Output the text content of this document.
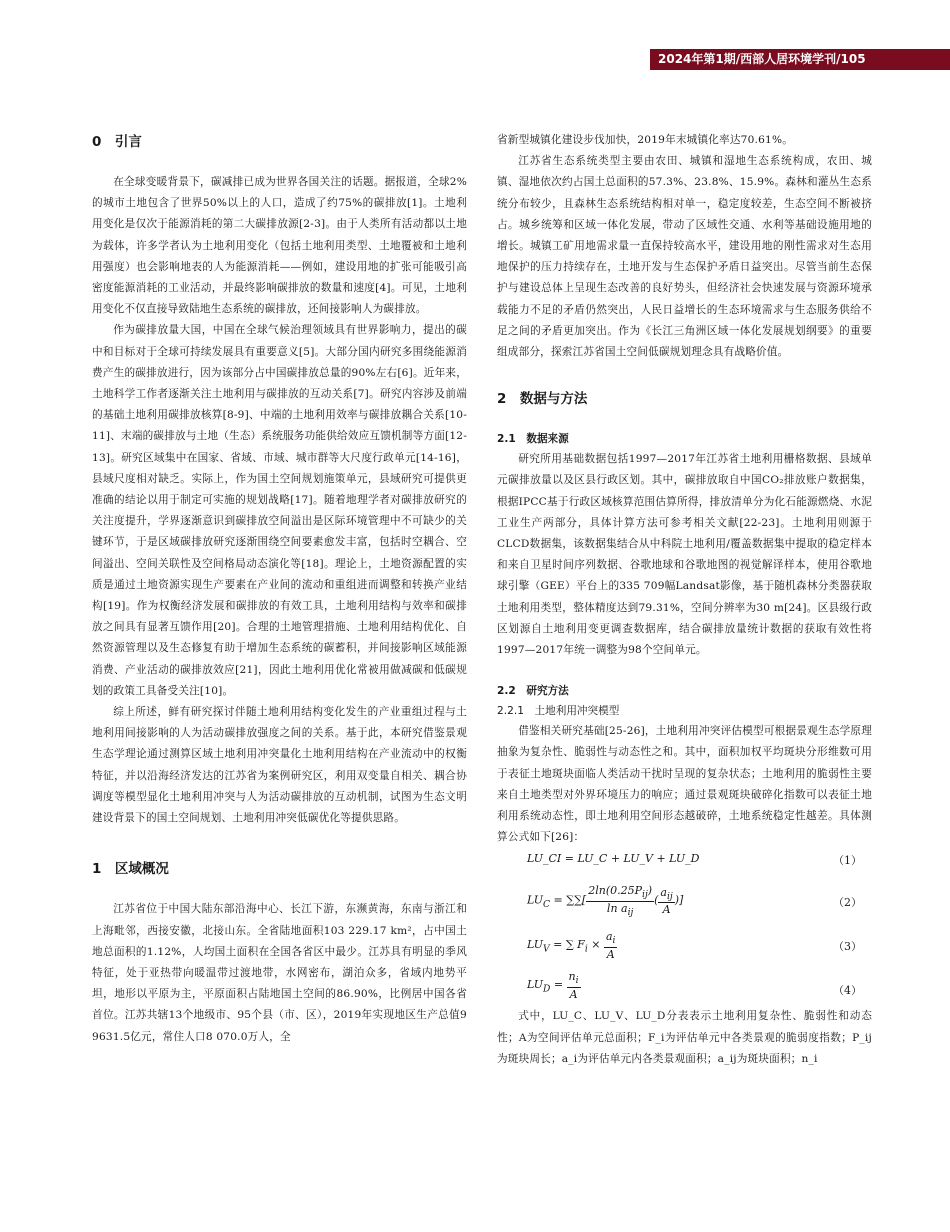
2024年第1期/西部人居环境学刊/105
0　引言

在全球变暖背景下，碳减排已成为世界各国关注的话题。据报道，全球2%的城市土地包含了世界50%以上的人口，造成了约75%的碳排放[1]。土地利用变化是仅次于能源消耗的第二大碳排放源[2-3]。由于人类所有活动都以土地为载体，许多学者认为土地利用变化（包括土地利用类型、土地覆被和土地利用强度）也会影响地表的人为能源消耗——例如，建设用地的扩张可能吸引高密度能源消耗的工业活动，并最终影响碳排放的数量和速度[4]。可见，土地利用变化不仅直接导致陆地生态系统的碳排放，还间接影响人为碳排放。

作为碳排放量大国，中国在全球气候治理领域具有世界影响力，提出的碳中和目标对于全球可持续发展具有重要意义[5]。大部分国内研究多围绕能源消费产生的碳排放进行，因为该部分占中国碳排放总量的90%左右[6]。近年来，土地科学工作者逐渐关注土地利用与碳排放的互动关系[7]。研究内容涉及前端的基础土地利用碳排放核算[8-9]、中端的土地利用效率与碳排放耦合关系[10-11]、末端的碳排放与土地（生态）系统服务功能供给效应互馈机制等方面[12-13]。研究区域集中在国家、省域、市域、城市群等大尺度行政单元[14-16]，县域尺度相对缺乏。实际上，作为国土空间规划施策单元，县域研究可提供更准确的结论以用于制定可实施的规划战略[17]。随着地理学者对碳排放研究的关注度提升，学界逐渐意识到碳排放空间溢出是区际环境管理中不可缺少的关键环节，于是区域碳排放研究逐渐围绕空间要素愈发丰富，包括时空耦合、空间溢出、空间关联性及空间格局动态演化等[18]。理论上，土地资源配置的实质是通过土地资源实现生产要素在产业间的流动和重组进而调整和转换产业结构[19]。作为权衡经济发展和碳排放的有效工具，土地利用结构与效率和碳排放之间具有显著互馈作用[20]。合理的土地管理措施、土地利用结构优化、自然资源管理以及生态修复有助于增加生态系统的碳蓄积，并间接影响区域能源消费、产业活动的碳排放效应[21]，因此土地利用优化常被用做减碳和低碳规划的政策工具备受关注[10]。

综上所述，鲜有研究探讨伴随土地利用结构变化发生的产业重组过程与土地利用间接影响的人为活动碳排放强度之间的关系。基于此，本研究借鉴景观生态学理论通过测算区域土地利用冲突量化土地利用结构在产业流动中的权衡特征，并以沿海经济发达的江苏省为案例研究区，利用双变量自相关、耦合协调度等模型显化土地利用冲突与人为活动碳排放的互动机制，试图为生态文明建设背景下的国土空间规划、土地利用冲突低碳优化等提供思路。

1　区域概况

江苏省位于中国大陆东部沿海中心、长江下游，东濒黄海，东南与浙江和上海毗邻，西接安徽，北接山东。全省陆地面积103 229.17 km²，占中国土地总面积的1.12%，人均国土面积在全国各省区中最少。江苏具有明显的季风特征，处于亚热带向暖温带过渡地带，水网密布，湖泊众多，省域内地势平坦，地形以平原为主，平原面积占陆地国土空间的86.90%，比例居中国各省首位。江苏共辖13个地级市、95个县（市、区），2019年实现地区生产总值9 9631.5亿元，常住人口8 070.0万人，全

省新型城镇化建设步伐加快，2019年末城镇化率达70.61%。

江苏省生态系统类型主要由农田、城镇和湿地生态系统构成，农田、城镇、湿地依次约占国土总面积的57.3%、23.8%、15.9%。森林和灌丛生态系统分布较少，且森林生态系统结构相对单一，稳定度较差，生态空间不断被挤占。城乡统筹和区域一体化发展，带动了区域性交通、水利等基础设施用地的增长。城镇工矿用地需求量一直保持较高水平，建设用地的刚性需求对生态用地保护的压力持续存在，土地开发与生态保护矛盾日益突出。尽管当前生态保护与建设总体上呈现生态改善的良好势头，但经济社会快速发展与资源环境承载能力不足的矛盾仍然突出，人民日益增长的生态环境需求与生态服务供给不足之间的矛盾更加突出。作为《长江三角洲区域一体化发展规划纲要》的重要组成部分，探索江苏省国土空间低碳规划理念具有战略价值。

2　数据与方法
2.1　数据来源

研究所用基础数据包括1997—2017年江苏省土地利用栅格数据、县域单元碳排放量以及区县行政区划。其中，碳排放取自中国CO₂排放账户数据集，根据IPCC基于行政区域核算范围估算所得，排放清单分为化石能源燃烧、水泥工业生产两部分，具体计算方法可参考相关文献[22-23]。土地利用则源于CLCD数据集，该数据集结合从中科院土地利用/覆盖数据集中提取的稳定样本和来自卫星时间序列数据、谷歌地球和谷歌地图的视觉解译样本，使用谷歌地球引擎（GEE）平台上的335 709幅Landsat影像，基于随机森林分类器获取土地利用类型，整体精度达到79.31%，空间分辨率为30 m[24]。区县级行政区划源自土地利用变更调查数据库，结合碳排放量统计数据的获取有效性将1997—2017年统一调整为98个空间单元。

2.2　研究方法
2.2.1　土地利用冲突模型

借鉴相关研究基础[25-26]，土地利用冲突评估模型可根据景观生态学原理抽象为复杂性、脆弱性与动态性之和。其中，面积加权平均斑块分形维数可用于表征土地斑块面临人类活动干扰时呈现的复杂状态；土地利用的脆弱性主要来自土地类型对外界环境压力的响应；通过景观斑块破碎化指数可以表征土地利用系统动态性，即土地利用空间形态越破碎，土地系统稳定性越差。具体测算公式如下[26]：

LU_CI = LU_C + LU_V + LU_D	（1）
$LU_C$ = ∑∑[ $\frac{2\ln(0.25P_{ij})}{\ln a_{ij}}$ ( $\frac{a_{ij}}{A}$ )]	（2）
$LU_V$ = ∑ $F_i \times \frac{a_i}{A}$	（3）
$LU_D = \frac{n_i}{A}$	（4）

式中，LU_C、LU_V、LU_D分表表示土地利用复杂性、脆弱性和动态性；A为空间评估单元总面积；F_i为评估单元中各类景观的脆弱度指数；P_ij为斑块周长；a_i为评估单元内各类景观面积；a_ij为斑块面积；n_i
